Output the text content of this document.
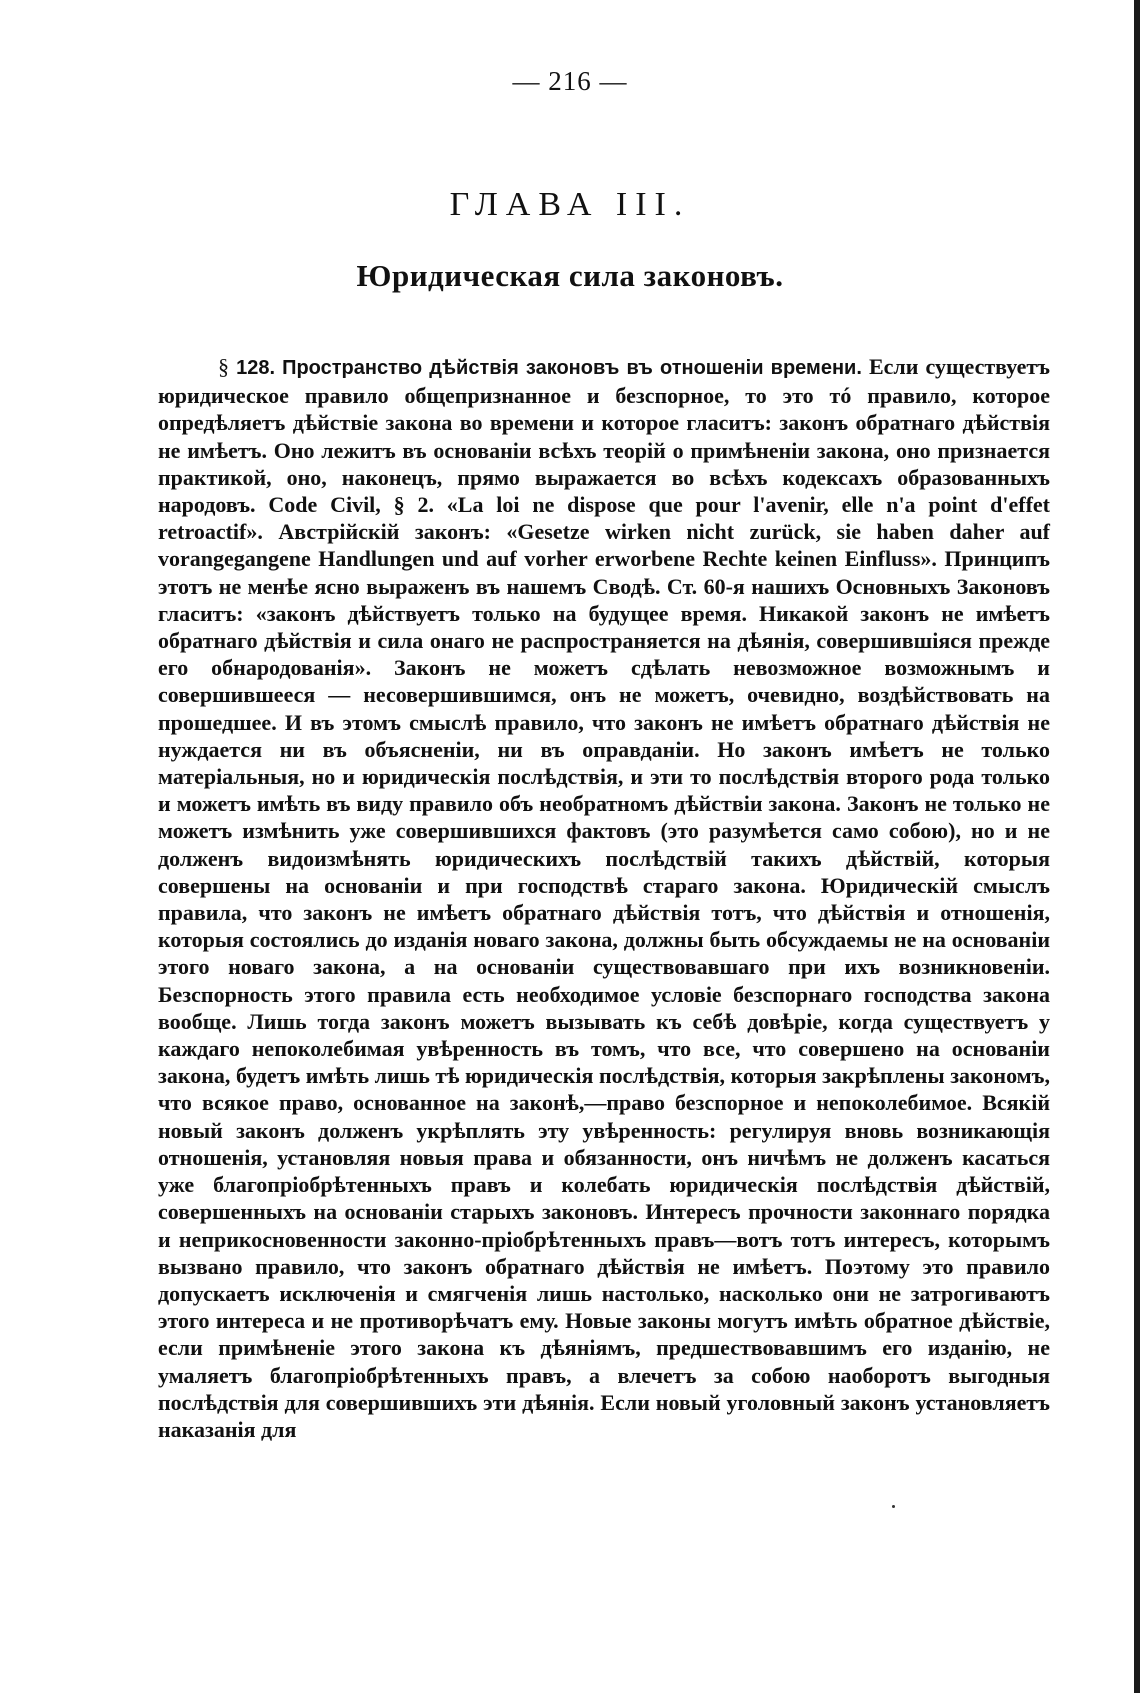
— 216 —
ГЛАВА III.
Юридическая сила законовъ.

§ 128. Пространство дѣйствія законовъ въ отношеніи времени. Если существуетъ юридическое правило общепризнанное и безспорное, то это тó правило, которое опредѣляетъ дѣйствіе закона во времени и которое гласитъ: законъ обратнаго дѣйствія не имѣетъ. Оно лежитъ въ основаніи всѣхъ теорій о примѣненіи закона, оно признается практикой, оно, наконецъ, прямо выражается во всѣхъ кодексахъ образованныхъ народовъ. Code Civil, § 2. «La loi ne dispose que pour l'avenir, elle n'a point d'effet retroactif». Австрійскій законъ: «Gesetze wirken nicht zurück, sie haben daher auf vorangegangene Handlungen und auf vorher erworbene Rechte keinen Einfluss». Принципъ этотъ не менѣе ясно выраженъ въ нашемъ Сводѣ. Ст. 60-я нашихъ Основныхъ Законовъ гласитъ: «законъ дѣйствуетъ только на будущее время. Никакой законъ не имѣетъ обратнаго дѣйствія и сила онаго не распространяется на дѣянія, совершившіяся прежде его обнародованія». Законъ не можетъ сдѣлать невозможное возможнымъ и совершившееся — несовершившимся, онъ не можетъ, очевидно, воздѣйствовать на прошедшее. И въ этомъ смыслѣ правило, что законъ не имѣетъ обратнаго дѣйствія не нуждается ни въ объясненіи, ни въ оправданіи. Но законъ имѣетъ не только матеріальныя, но и юридическія послѣдствія, и эти то послѣдствія второго рода только и можетъ имѣть въ виду правило объ необратномъ дѣйствіи закона. Законъ не только не можетъ измѣнить уже совершившихся фактовъ (это разумѣется само собою), но и не долженъ видоизмѣнять юридическихъ послѣдствій такихъ дѣйствій, которыя совершены на основаніи и при господствѣ стараго закона. Юридическій смыслъ правила, что законъ не имѣетъ обратнаго дѣйствія тотъ, что дѣйствія и отношенія, которыя состоялись до изданія новаго закона, должны быть обсуждаемы не на основаніи этого новаго закона, а на основаніи существовавшаго при ихъ возникновеніи. Безспорность этого правила есть необходимое условіе безспорнаго господства закона вообще. Лишь тогда законъ можетъ вызывать къ себѣ довѣріе, когда существуетъ у каждаго непоколебимая увѣренность въ томъ, что все, что совершено на основаніи закона, будетъ имѣть лишь тѣ юридическія послѣдствія, которыя закрѣплены закономъ, что всякое право, основанное на законѣ,—право безспорное и непоколебимое. Всякій новый законъ долженъ укрѣплять эту увѣренность: регулируя вновь возникающія отношенія, установляя новыя права и обязанности, онъ ничѣмъ не долженъ касаться уже благопріобрѣтенныхъ правъ и колебать юридическія послѣдствія дѣйствій, совершенныхъ на основаніи старыхъ законовъ. Интересъ прочности законнаго порядка и неприкосновенности законно-пріобрѣтенныхъ правъ—вотъ тотъ интересъ, которымъ вызвано правило, что законъ обратнаго дѣйствія не имѣетъ. Поэтому это правило допускаетъ исключенія и смягченія лишь настолько, насколько они не затрогиваютъ этого интереса и не противорѣчатъ ему. Новые законы могутъ имѣть обратное дѣйствіе, если примѣненіе этого закона къ дѣяніямъ, предшествовавшимъ его изданію, не умаляетъ благопріобрѣтенныхъ правъ, а влечетъ за собою наоборотъ выгодныя послѣдствія для совершившихъ эти дѣянія. Если новый уголовный законъ установляетъ наказанія для
